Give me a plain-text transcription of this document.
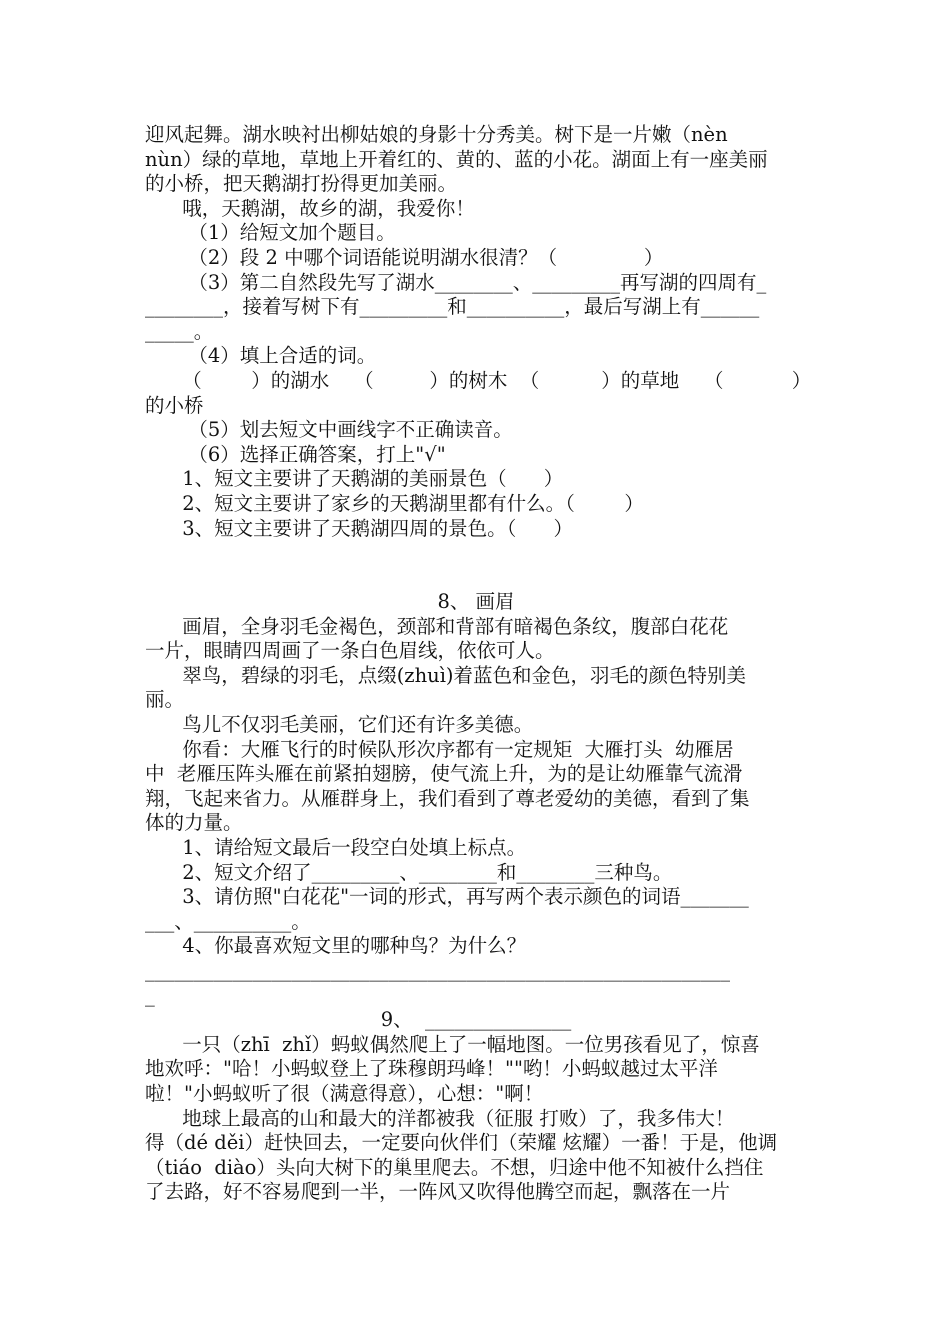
迎风起舞。湖水映衬出柳姑娘的身影十分秀美。树下是一片嫩（nèn
nùn）绿的草地，草地上开着红的、黄的、蓝的小花。湖面上有一座美丽
的小桥，把天鹅湖打扮得更加美丽。
哦，天鹅湖，故乡的湖，我爱你！
（1）给短文加个题目。
（2）段 2 中哪个词语能说明湖水很清？（              ）
（3）第二自然段先写了湖水________、_________再写湖的四周有_
________，接着写树下有_________和__________，最后写湖上有______
_____。
（4）填上合适的词。
（        ）的湖水    （         ）的树木  （          ）的草地    （           ）
的小桥
（5）划去短文中画线字不正确读音。
（6）选择正确答案，打上"√"
1、短文主要讲了天鹅湖的美丽景色（      ）
2、短文主要讲了家乡的天鹅湖里都有什么。（        ）
3、短文主要讲了天鹅湖四周的景色。（      ）
8、 画眉
画眉，全身羽毛金褐色，颈部和背部有暗褐色条纹，腹部白花花
一片，眼睛四周画了一条白色眉线，依依可人。
翠鸟，碧绿的羽毛，点缀(zhuì)着蓝色和金色，羽毛的颜色特别美
丽。
鸟儿不仅羽毛美丽，它们还有许多美德。
你看：大雁飞行的时候队形次序都有一定规矩  大雁打头  幼雁居
中  老雁压阵头雁在前紧拍翅膀，使气流上升，为的是让幼雁靠气流滑
翔，飞起来省力。从雁群身上，我们看到了尊老爱幼的美德，看到了集
体的力量。
1、请给短文最后一段空白处填上标点。
2、短文介绍了_________、________和________三种鸟。
3、请仿照"白花花"一词的形式，再写两个表示颜色的词语_______
___、__________。
4、你最喜欢短文里的哪种鸟？为什么？
____________________________________________________________
_
9、  _______________
一只（zhī  zhǐ）蚂蚁偶然爬上了一幅地图。一位男孩看见了，惊喜
地欢呼："哈！小蚂蚁登上了珠穆朗玛峰！""哟！小蚂蚁越过太平洋
啦！"小蚂蚁听了很（满意得意），心想："啊！
地球上最高的山和最大的洋都被我（征服 打败）了，我多伟大！
得（dé děi）赶快回去，一定要向伙伴们（荣耀 炫耀）一番！于是，他调
（tiáo  diào）头向大树下的巢里爬去。不想，归途中他不知被什么挡住
了去路，好不容易爬到一半，一阵风又吹得他腾空而起，飘落在一片
